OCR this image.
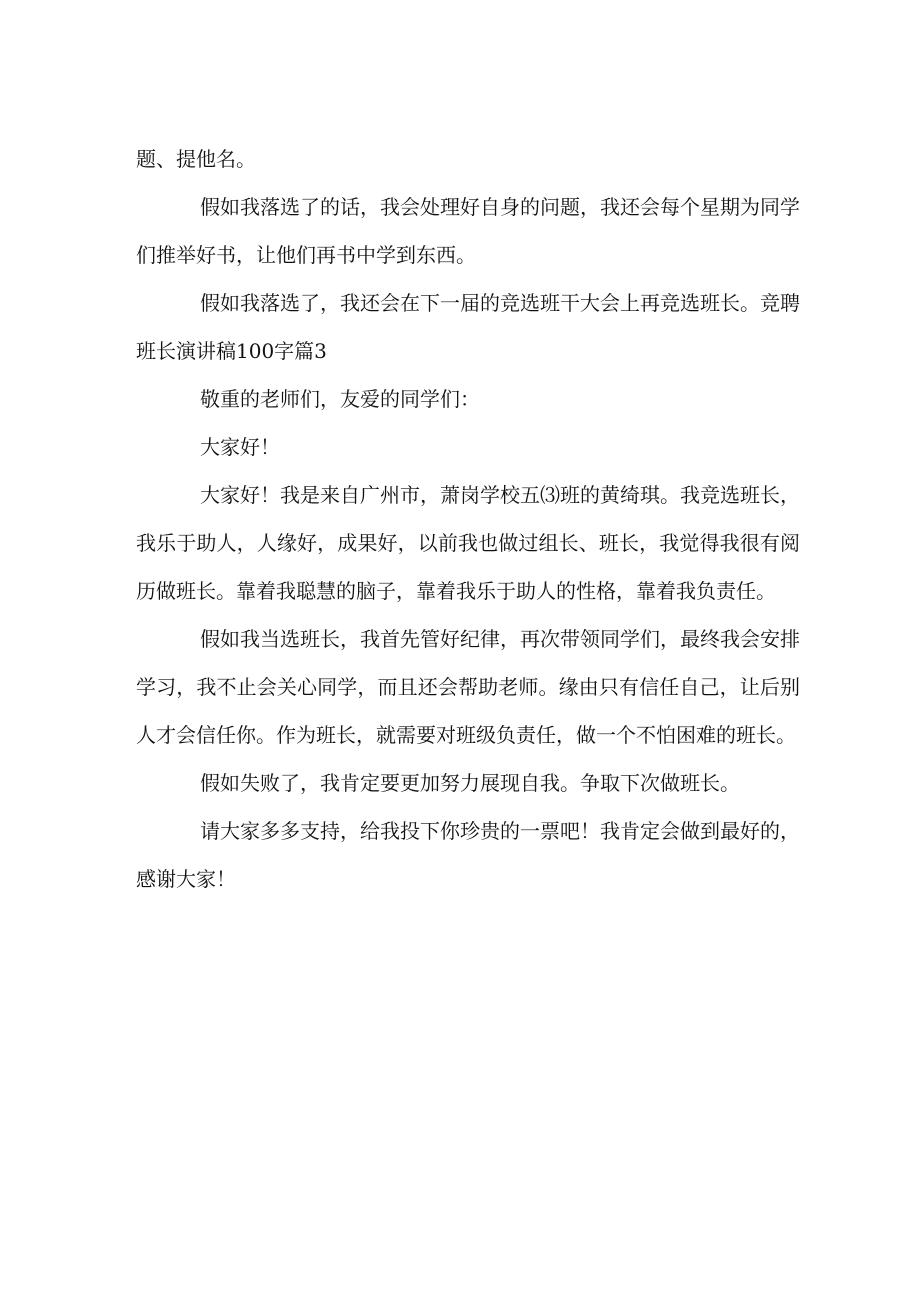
题、提他名。

假如我落选了的话，我会处理好自身的问题，我还会每个星期为同学们推举好书，让他们再书中学到东西。

假如我落选了，我还会在下一届的竞选班干大会上再竞选班长。竞聘班长演讲稿100字篇3

敬重的老师们，友爱的同学们：

大家好！

大家好！我是来自广州市，萧岗学校五⑶班的黄绮琪。我竞选班长，我乐于助人，人缘好，成果好，以前我也做过组长、班长，我觉得我很有阅历做班长。靠着我聪慧的脑子，靠着我乐于助人的性格，靠着我负责任。

假如我当选班长，我首先管好纪律，再次带领同学们，最终我会安排学习，我不止会关心同学，而且还会帮助老师。缘由只有信任自己，让后别人才会信任你。作为班长，就需要对班级负责任，做一个不怕困难的班长。

假如失败了，我肯定要更加努力展现自我。争取下次做班长。

请大家多多支持，给我投下你珍贵的一票吧！我肯定会做到最好的，感谢大家！
